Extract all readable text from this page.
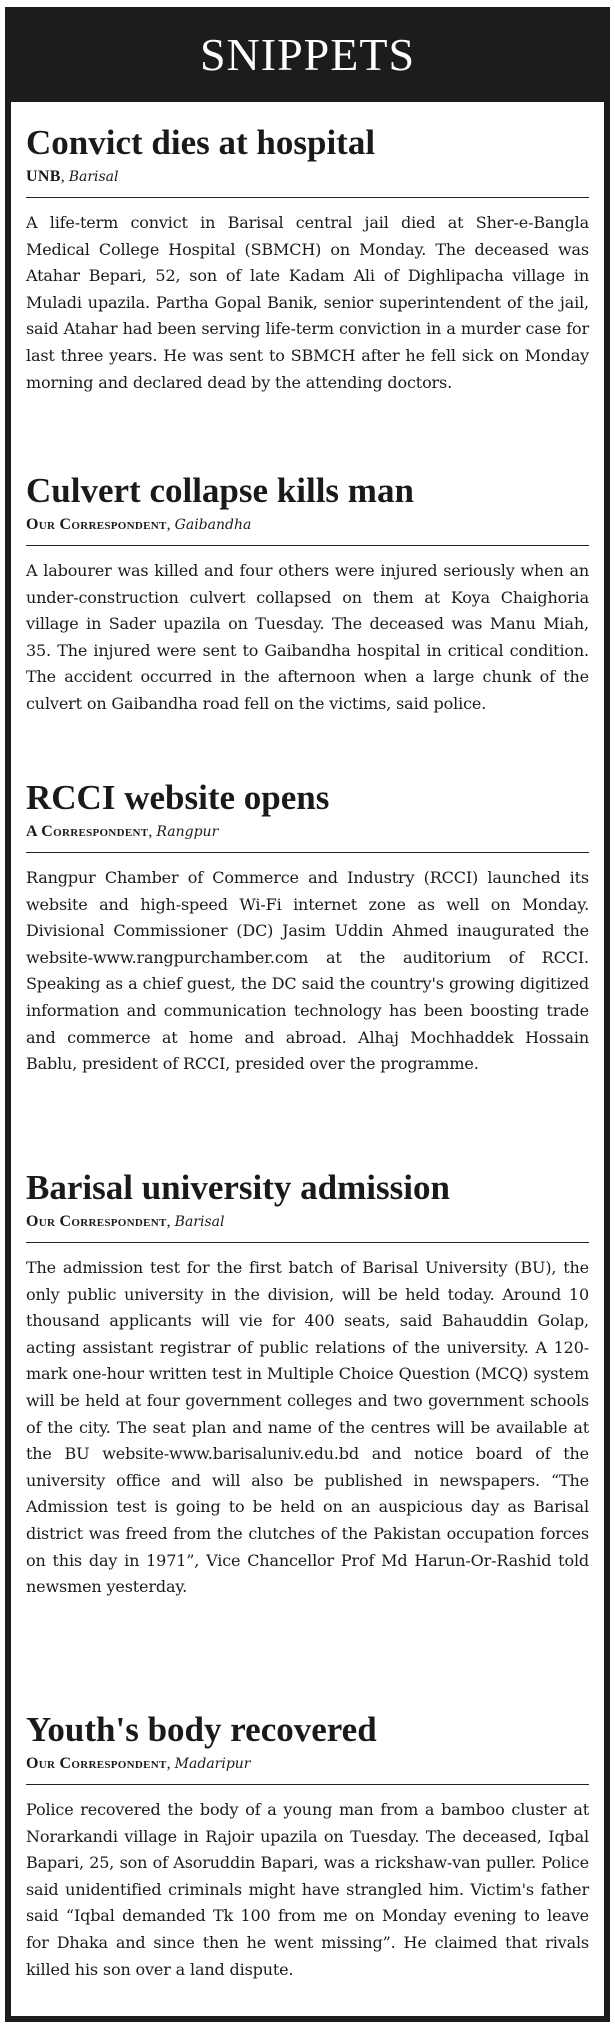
SNIPPETS
Convict dies at hospital
UNB, Barisal

A life-term convict in Barisal central jail died at Sher-e-Bangla Medical College Hospital (SBMCH) on Monday. The deceased was Atahar Bepari, 52, son of late Kadam Ali of Dighlipacha village in Muladi upazila. Partha Gopal Banik, senior superintendent of the jail, said Atahar had been serving life-term conviction in a murder case for last three years. He was sent to SBMCH after he fell sick on Monday morning and declared dead by the attending doctors.

Culvert collapse kills man
Our Correspondent, Gaibandha

A labourer was killed and four others were injured seriously when an under-construction culvert collapsed on them at Koya Chaighoria village in Sader upazila on Tuesday. The deceased was Manu Miah, 35. The injured were sent to Gaibandha hospital in critical condition. The accident occurred in the afternoon when a large chunk of the culvert on Gaibandha road fell on the victims, said police.

RCCI website opens
A Correspondent, Rangpur

Rangpur Chamber of Commerce and Industry (RCCI) launched its website and high-speed Wi-Fi internet zone as well on Monday. Divisional Commissioner (DC) Jasim Uddin Ahmed inaugurated the website-www.rangpurchamber.com at the auditorium of RCCI. Speaking as a chief guest, the DC said the country's growing digitized information and communication technology has been boosting trade and commerce at home and abroad. Alhaj Mochhaddek Hossain Bablu, president of RCCI, presided over the programme.

Barisal university admission
Our Correspondent, Barisal

The admission test for the first batch of Barisal University (BU), the only public university in the division, will be held today. Around 10 thousand applicants will vie for 400 seats, said Bahauddin Golap, acting assistant registrar of public relations of the university. A 120-mark one-hour written test in Multiple Choice Question (MCQ) system will be held at four government colleges and two government schools of the city. The seat plan and name of the centres will be available at the BU website-www.barisaluniv.edu.bd and notice board of the university office and will also be published in newspapers. “The Admission test is going to be held on an auspicious day as Barisal district was freed from the clutches of the Pakistan occupation forces on this day in 1971”, Vice Chancellor Prof Md Harun-Or-Rashid told newsmen yesterday.

Youth's body recovered
Our Correspondent, Madaripur

Police recovered the body of a young man from a bamboo cluster at Norarkandi village in Rajoir upazila on Tuesday. The deceased, Iqbal Bapari, 25, son of Asoruddin Bapari, was a rickshaw-van puller. Police said unidentified criminals might have strangled him. Victim's father said “Iqbal demanded Tk 100 from me on Monday evening to leave for Dhaka and since then he went missing”. He claimed that rivals killed his son over a land dispute.
